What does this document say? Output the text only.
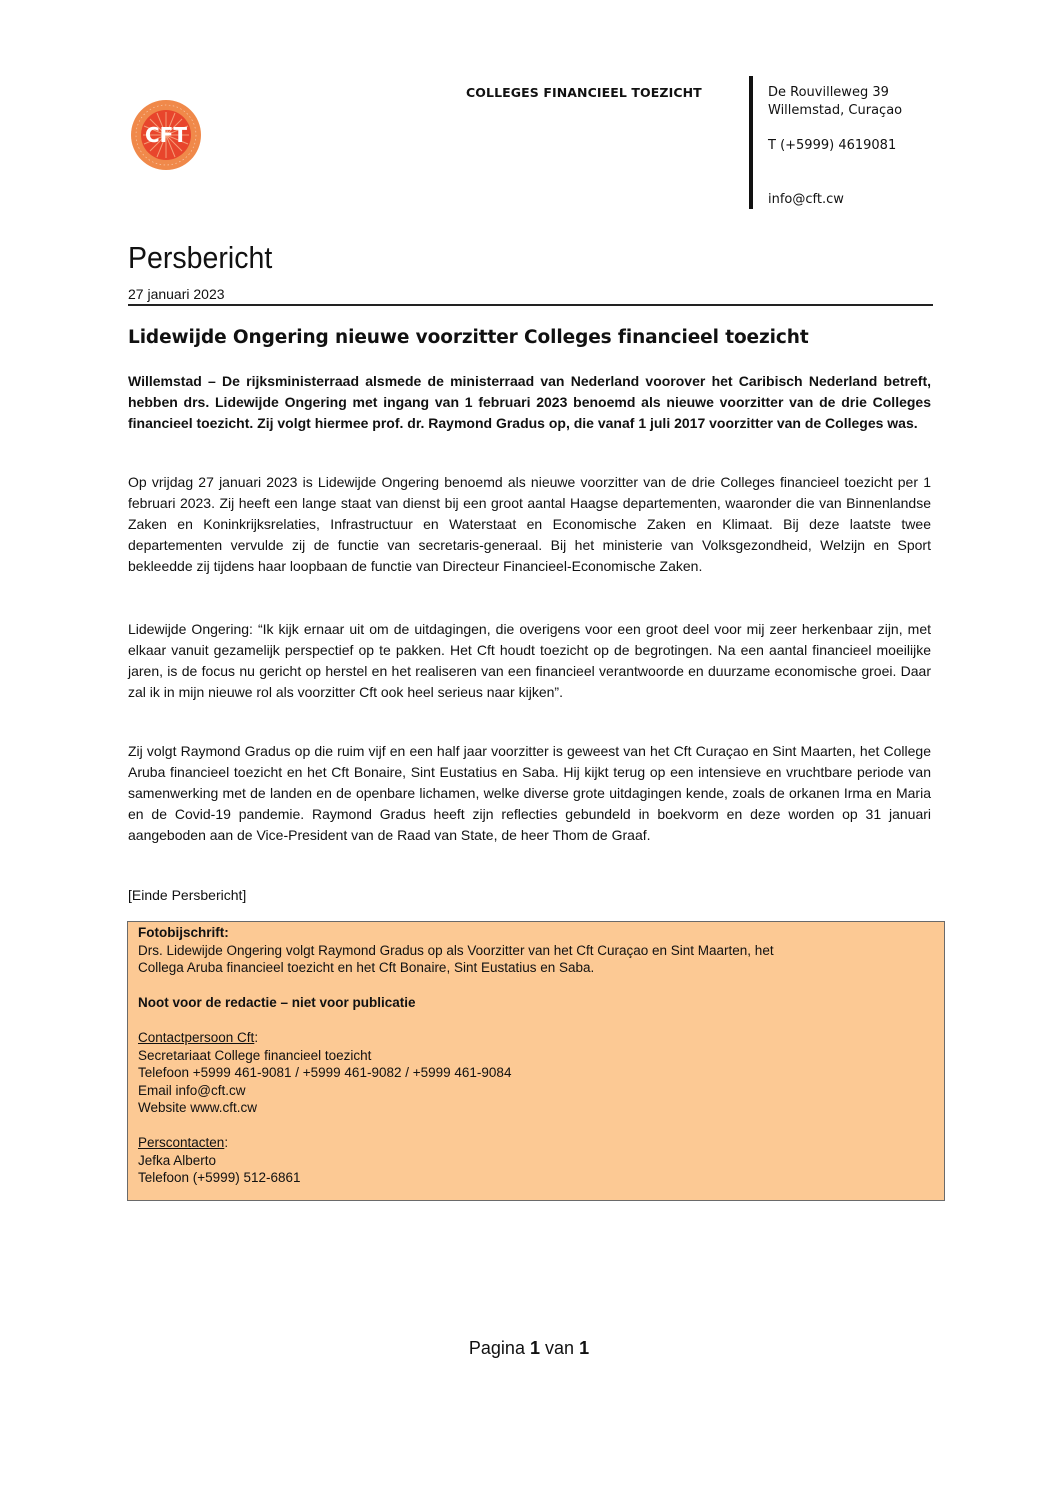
CFT
COLLEGES FINANCIEEL TOEZICHT	De Rouvilleweg 39
Willemstad, Curaçao
T (+5999) 4619081
info@cft.cw
Persbericht
27 januari 2023
Lidewijde Ongering nieuwe voorzitter Colleges financieel toezicht
Willemstad – De rijksministerraad alsmede de ministerraad van Nederland voorover het Caribisch Nederland betreft, hebben drs. Lidewijde Ongering met ingang van 1 februari 2023 benoemd als nieuwe voorzitter van de drie Colleges financieel toezicht. Zij volgt hiermee prof. dr. Raymond Gradus op, die vanaf 1 juli 2017 voorzitter van de Colleges was.
Op vrijdag 27 januari 2023 is Lidewijde Ongering benoemd als nieuwe voorzitter van de drie Colleges financieel toezicht per 1 februari 2023. Zij heeft een lange staat van dienst bij een groot aantal Haagse departementen, waaronder die van Binnenlandse Zaken en Koninkrijksrelaties, Infrastructuur en Waterstaat en Economische Zaken en Klimaat. Bij deze laatste twee departementen vervulde zij de functie van secretaris-generaal. Bij het ministerie van Volksgezondheid, Welzijn en Sport bekleedde zij tijdens haar loopbaan de functie van Directeur Financieel-Economische Zaken.
Lidewijde Ongering: “Ik kijk ernaar uit om de uitdagingen, die overigens voor een groot deel voor mij zeer herkenbaar zijn, met elkaar vanuit gezamelijk perspectief op te pakken. Het Cft houdt toezicht op de begrotingen. Na een aantal financieel moeilijke jaren, is de focus nu gericht op herstel en het realiseren van een financieel verantwoorde en duurzame economische groei. Daar zal ik in mijn nieuwe rol als voorzitter Cft ook heel serieus naar kijken”.
Zij volgt Raymond Gradus op die ruim vijf en een half jaar voorzitter is geweest van het Cft Curaçao en Sint Maarten, het College Aruba financieel toezicht en het Cft Bonaire, Sint Eustatius en Saba. Hij kijkt terug op een intensieve en vruchtbare periode van samenwerking met de landen en de openbare lichamen, welke diverse grote uitdagingen kende, zoals de orkanen Irma en Maria en de Covid-19 pandemie. Raymond Gradus heeft zijn reflecties gebundeld in boekvorm en deze worden op 31 januari aangeboden aan de Vice-President van de Raad van State, de heer Thom de Graaf.
[Einde Persbericht]
Fotobijschrift:
Drs. Lidewijde Ongering volgt Raymond Gradus op als Voorzitter van het Cft Curaçao en Sint Maarten, het
Collega Aruba financieel toezicht en het Cft Bonaire, Sint Eustatius en Saba.
Noot voor de redactie – niet voor publicatie
Contactpersoon Cft:
Secretariaat College financieel toezicht
Telefoon +5999 461-9081 / +5999 461-9082 / +5999 461-9084
Email info@cft.cw
Website www.cft.cw
Perscontacten:
Jefka Alberto
Telefoon (+5999) 512-6861
Pagina 1 van 1
